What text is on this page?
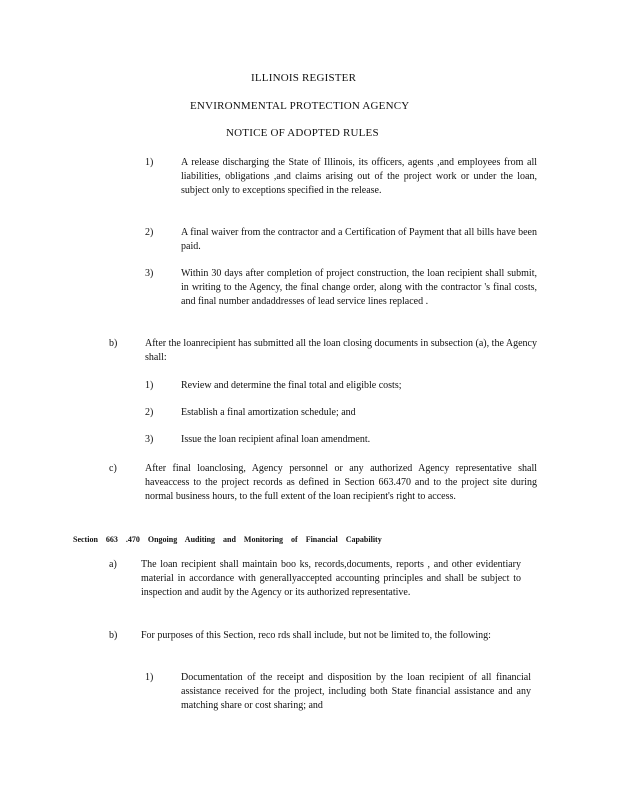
ILLINOIS REGISTER
ENVIRONMENTAL PROTECTION AGENCY
NOTICE OF ADOPTED RULES
1)	A release discharging the State of Illinois, its officers, agents ,and employees from all liabilities, obligations ,and claims arising out of the project work or under the loan, subject only to exceptions specified in the release.
2)	A final waiver from the contractor and a Certification of Payment that all bills have been paid.
3)	Within 30 days after completion of project construction, the loan recipient shall submit, in writing to the Agency, the final change order, along with the contractor 's final costs, and final number andaddresses of lead service lines replaced .
b)	After the loanrecipient has submitted all the loan closing documents in subsection (a), the Agency shall:
1)	Review and determine the final total and eligible costs;
2)	Establish a final amortization schedule; and
3)	Issue the loan recipient afinal loan amendment.
c)	After final loanclosing, Agency personnel or any authorized Agency representative shall haveaccess to the project records as defined in Section 663.470 and to the project site during normal business hours, to the full extent of the loan recipient's right to access.
Section 663 .470 Ongoing Auditing and Monitoring of Financial Capability
a) The loan recipient shall maintain boo ks, records,documents, reports , and other evidentiary material in accordance with generallyaccepted accounting principles and shall be subject to inspection and audit by the Agency or its authorized representative.
b) For purposes of this Section, reco rds shall include, but not be limited to, the following:
1)	Documentation of the receipt and disposition by the loan recipient of all financial assistance received for the project, including both State financial assistance and any matching share or cost sharing; and
